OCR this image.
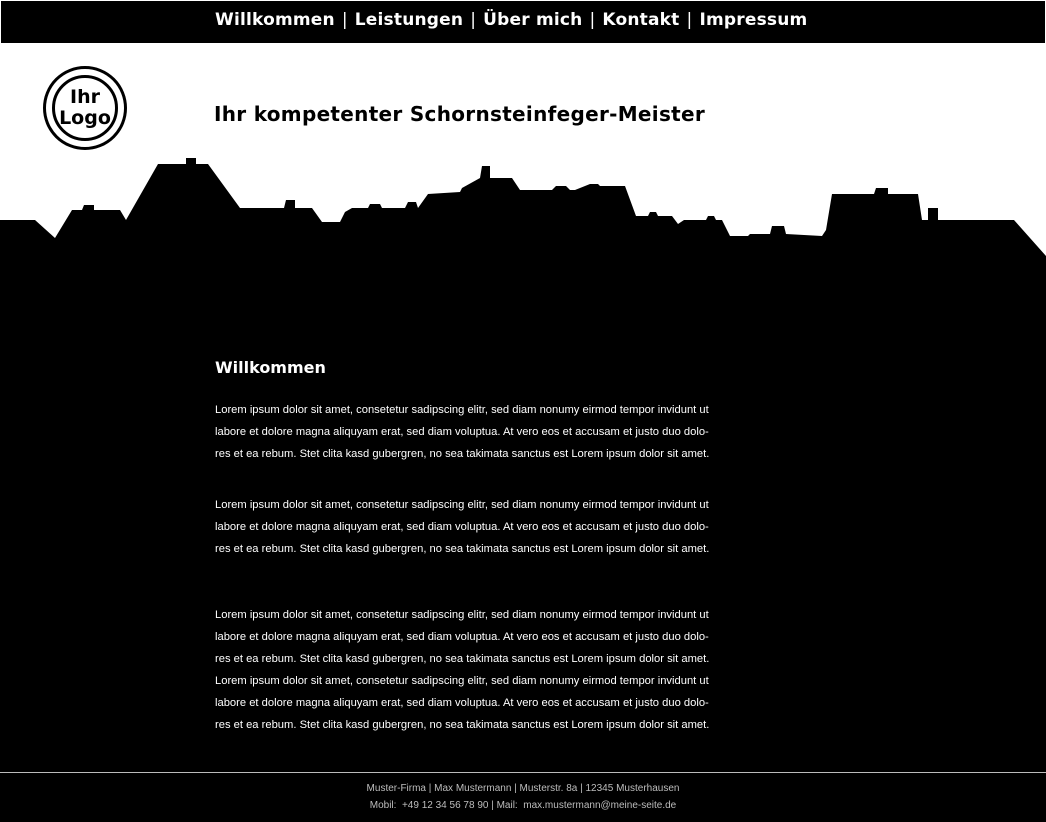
Willkommen | Leistungen | Über mich | Kontakt | Impressum
Ihr
Logo	Ihr kompetenter Schornsteinfeger-Meister
Willkommen

Lorem ipsum dolor sit amet, consetetur sadipscing elitr, sed diam nonumy eirmod tempor invidunt ut
labore et dolore magna aliquyam erat, sed diam voluptua. At vero eos et accusam et justo duo dolo-
res et ea rebum. Stet clita kasd gubergren, no sea takimata sanctus est Lorem ipsum dolor sit amet.

Lorem ipsum dolor sit amet, consetetur sadipscing elitr, sed diam nonumy eirmod tempor invidunt ut
labore et dolore magna aliquyam erat, sed diam voluptua. At vero eos et accusam et justo duo dolo-
res et ea rebum. Stet clita kasd gubergren, no sea takimata sanctus est Lorem ipsum dolor sit amet.

Lorem ipsum dolor sit amet, consetetur sadipscing elitr, sed diam nonumy eirmod tempor invidunt ut
labore et dolore magna aliquyam erat, sed diam voluptua. At vero eos et accusam et justo duo dolo-
res et ea rebum. Stet clita kasd gubergren, no sea takimata sanctus est Lorem ipsum dolor sit amet.
Lorem ipsum dolor sit amet, consetetur sadipscing elitr, sed diam nonumy eirmod tempor invidunt ut
labore et dolore magna aliquyam erat, sed diam voluptua. At vero eos et accusam et justo duo dolo-
res et ea rebum. Stet clita kasd gubergren, no sea takimata sanctus est Lorem ipsum dolor sit amet.

Muster-Firma | Max Mustermann | Musterstr. 8a | 12345 Musterhausen
Mobil:  +49 12 34 56 78 90 | Mail:  max.mustermann@meine-seite.de
